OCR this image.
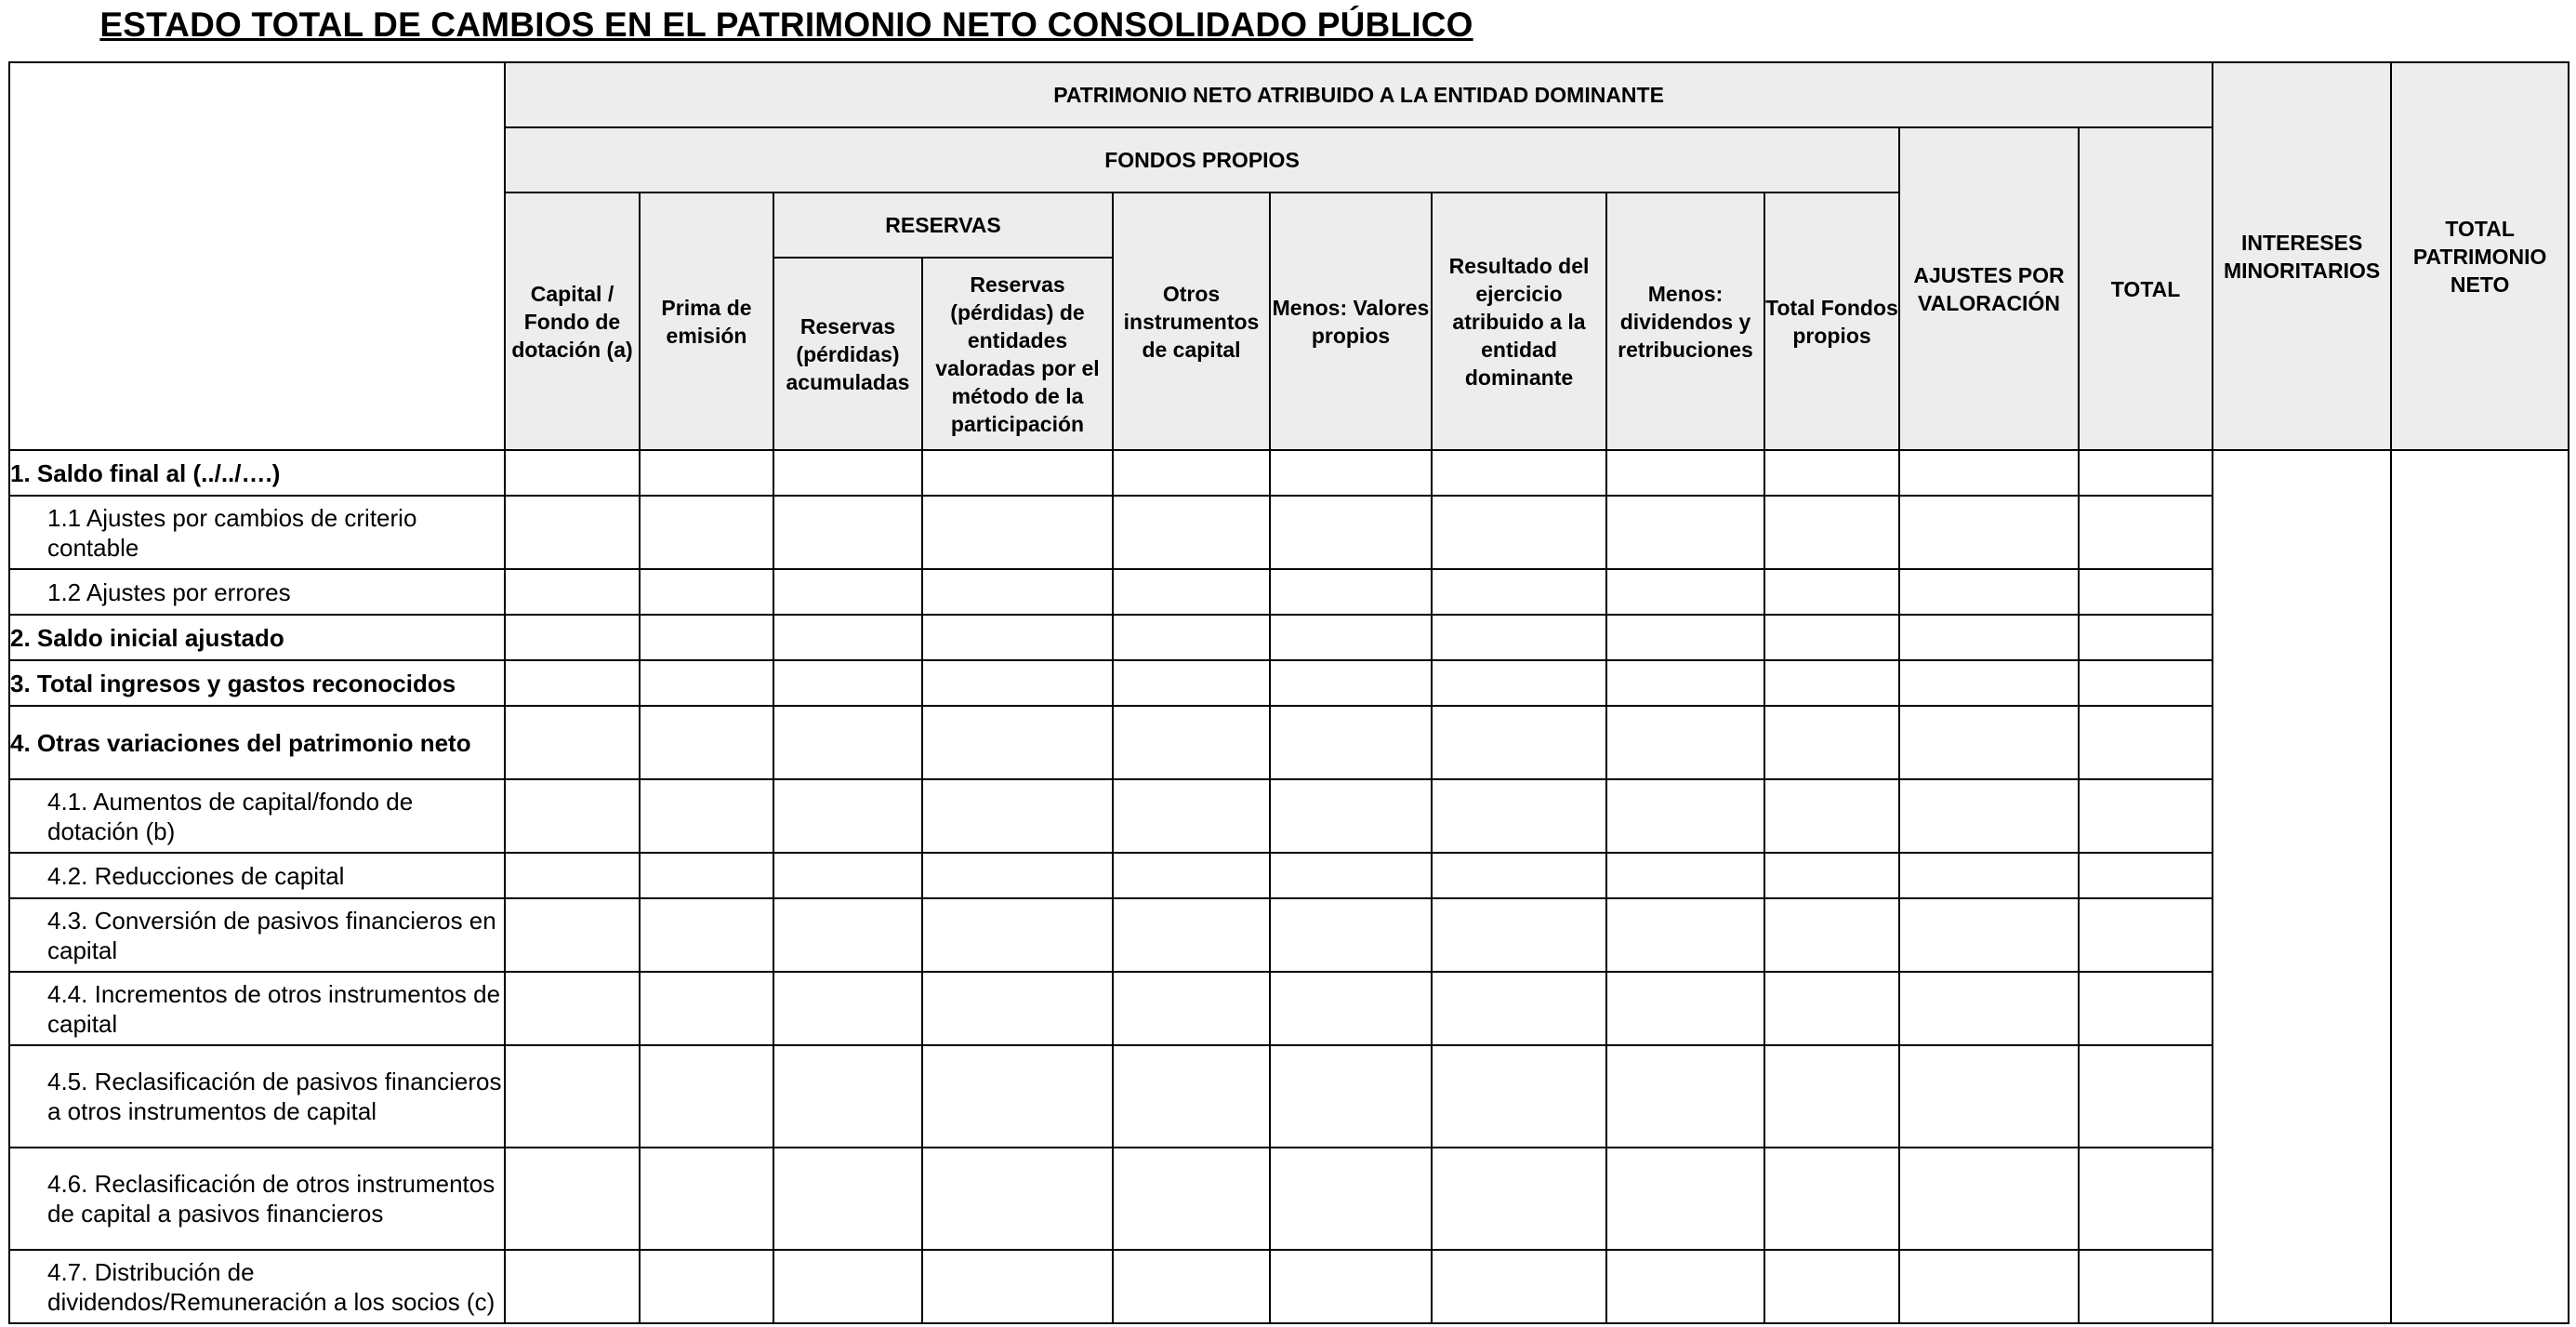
ESTADO TOTAL DE CAMBIOS EN EL PATRIMONIO NETO CONSOLIDADO PÚBLICO
	PATRIMONIO NETO ATRIBUIDO A LA ENTIDAD DOMINANTE											INTERESES MINORITARIOS	TOTAL PATRIMONIO NETO
	FONDOS PROPIOS									AJUSTES POR VALORACIÓN	TOTAL		
	Capital / Fondo de dotación (a)	Prima de emisión	RESERVAS		Otros instrumentos de capital	Menos: Valores propios	Resultado del ejercicio atribuido a la entidad dominante	Menos: dividendos y retribuciones	Total Fondos propios				
			Reservas (pérdidas) acumuladas	Reservas (pérdidas) de entidades valoradas por el método de la participación									
1. Saldo final al (../../….)													
1.1 Ajustes por cambios de criterio contable													
1.2 Ajustes por errores													
2. Saldo inicial ajustado													
3. Total ingresos y gastos reconocidos													
4. Otras variaciones del patrimonio neto													
4.1. Aumentos de capital/fondo de dotación (b)													
4.2. Reducciones de capital													
4.3. Conversión de pasivos financieros en capital													
4.4. Incrementos de otros instrumentos de capital													
4.5. Reclasificación de pasivos financieros a otros instrumentos de capital													
4.6. Reclasificación de otros instrumentos de capital a pasivos financieros													
4.7. Distribución de dividendos/Remuneración a los socios (c)													
